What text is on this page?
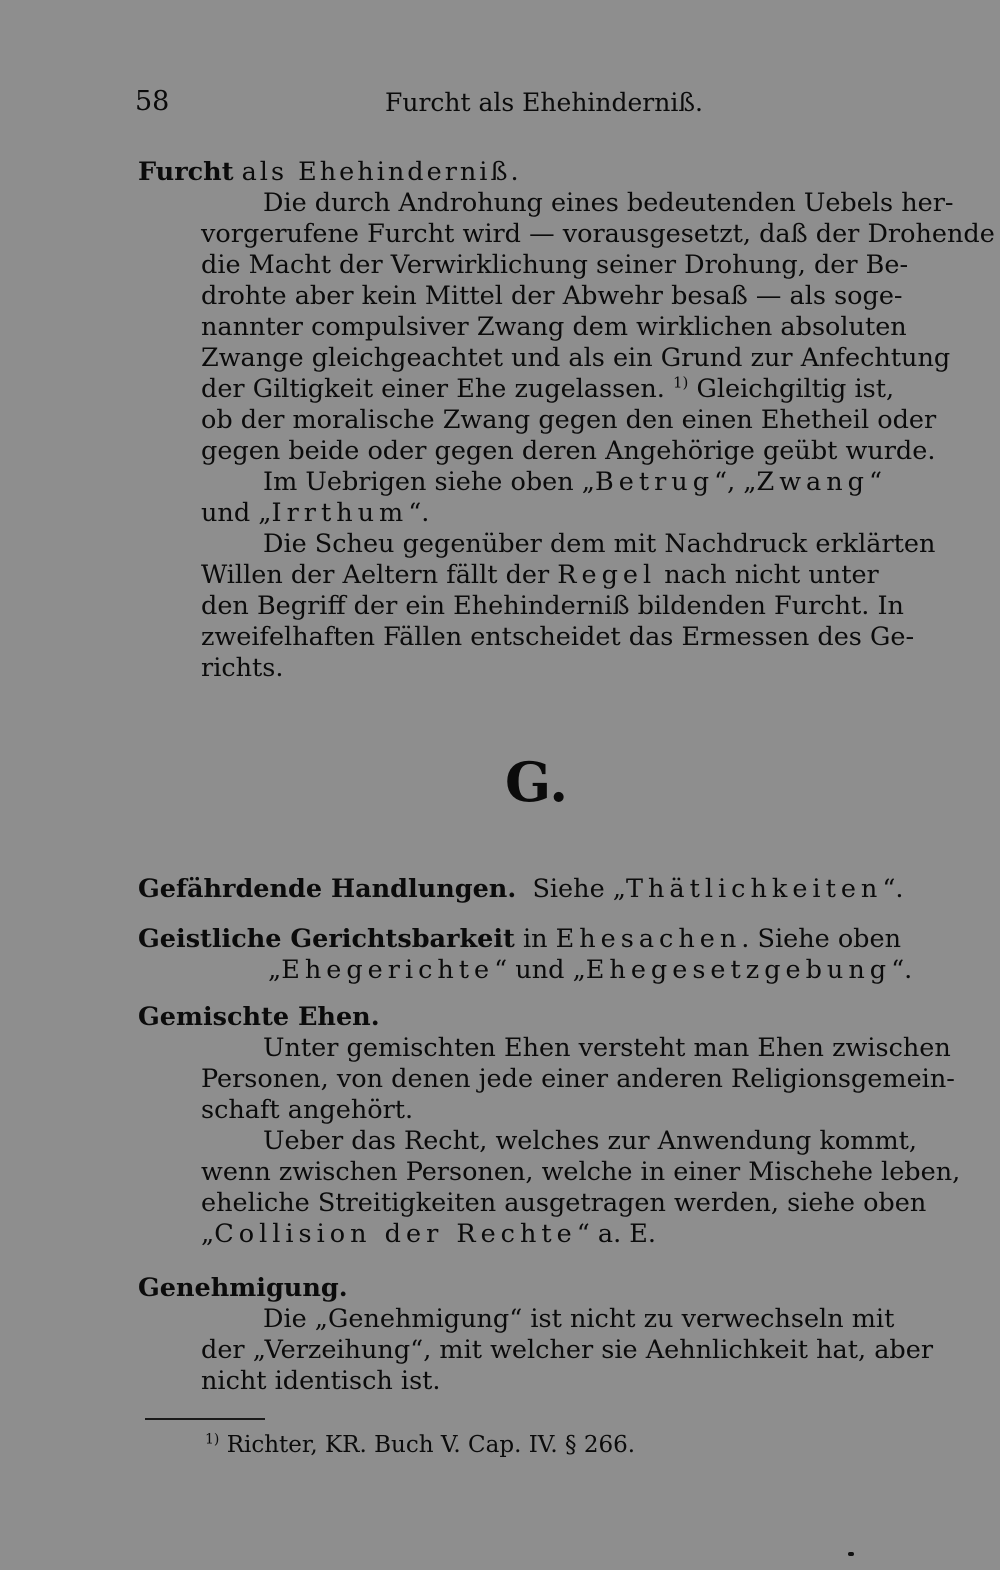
58	Furcht als Ehehinderniß.
Furcht als Ehehinderniß.
Die durch Androhung eines bedeutenden Uebels her-
vorgerufene Furcht wird — vorausgesetzt, daß der Drohende
die Macht der Verwirklichung seiner Drohung, der Be-
drohte aber kein Mittel der Abwehr besaß — als soge-
nannter compulsiver Zwang dem wirklichen absoluten
Zwange gleichgeachtet und als ein Grund zur Anfechtung
der Giltigkeit einer Ehe zugelassen. $^{1)}$ Gleichgiltig ist,
ob der moralische Zwang gegen den einen Ehetheil oder
gegen beide oder gegen deren Angehörige geübt wurde.
Im Uebrigen siehe oben „Betrug“, „Zwang“
und „Irrthum“.
Die Scheu gegenüber dem mit Nachdruck erklärten
Willen der Aeltern fällt der Regel nach nicht unter
den Begriff der ein Ehehinderniß bildenden Furcht. In
zweifelhaften Fällen entscheidet das Ermessen des Ge-
richts.
G.
Gefährdende Handlungen. Siehe „Thätlichkeiten“.
Geistliche Gerichtsbarkeit in Ehesachen. Siehe oben
„Ehegerichte“ und „Ehegesetzgebung“.
Gemischte Ehen.
Unter gemischten Ehen versteht man Ehen zwischen
Personen, von denen jede einer anderen Religionsgemein-
schaft angehört.
Ueber das Recht, welches zur Anwendung kommt,
wenn zwischen Personen, welche in einer Mischehe leben,
eheliche Streitigkeiten ausgetragen werden, siehe oben
„Collision der Rechte“ a. E.
Genehmigung.
Die „Genehmigung“ ist nicht zu verwechseln mit
der „Verzeihung“, mit welcher sie Aehnlichkeit hat, aber
nicht identisch ist.
$^{1)}$ Richter, KR. Buch V. Cap. IV. § 266.
